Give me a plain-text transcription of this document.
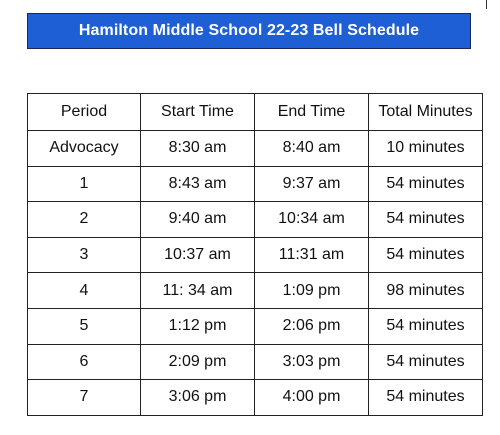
Hamilton Middle School 22-23 Bell Schedule
Period	Start Time	End Time	Total Minutes
Advocacy	8:30 am	8:40 am	10 minutes
1	8:43 am	9:37 am	54 minutes
2	9:40 am	10:34 am	54 minutes
3	10:37 am	11:31 am	54 minutes
4	11: 34 am	1:09 pm	98 minutes
5	1:12 pm	2:06 pm	54 minutes
6	2:09 pm	3:03 pm	54 minutes
7	3:06 pm	4:00 pm	54 minutes
